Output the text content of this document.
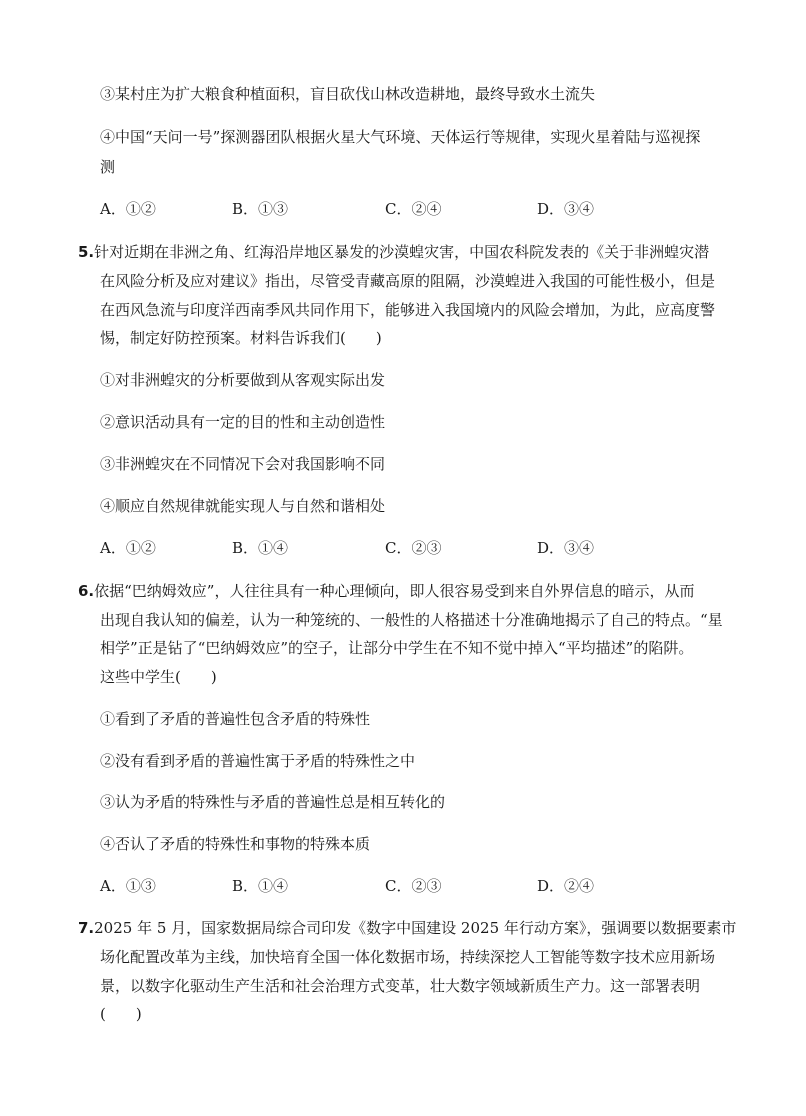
③某村庄为扩大粮食种植面积，盲目砍伐山林改造耕地，最终导致水土流失
④中国“天问一号”探测器团队根据火星大气环境、天体运行等规律，实现火星着陆与巡视探
测
A．①②	B．①③	C．②④	D．③④
5.针对近期在非洲之角、红海沿岸地区暴发的沙漠蝗灾害，中国农科院发表的《关于非洲蝗灾潜
在风险分析及应对建议》指出，尽管受青藏高原的阻隔，沙漠蝗进入我国的可能性极小，但是
在西风急流与印度洋西南季风共同作用下，能够进入我国境内的风险会增加，为此，应高度警
惕，制定好防控预案。材料告诉我们(　　)
①对非洲蝗灾的分析要做到从客观实际出发
②意识活动具有一定的目的性和主动创造性
③非洲蝗灾在不同情况下会对我国影响不同
④顺应自然规律就能实现人与自然和谐相处
A．①②	B．①④	C．②③	D．③④
6.依据“巴纳姆效应”，人往往具有一种心理倾向，即人很容易受到来自外界信息的暗示，从而
出现自我认知的偏差，认为一种笼统的、一般性的人格描述十分准确地揭示了自己的特点。“星
相学”正是钻了“巴纳姆效应”的空子，让部分中学生在不知不觉中掉入“平均描述”的陷阱。
这些中学生(　　)
①看到了矛盾的普遍性包含矛盾的特殊性
②没有看到矛盾的普遍性寓于矛盾的特殊性之中
③认为矛盾的特殊性与矛盾的普遍性总是相互转化的
④否认了矛盾的特殊性和事物的特殊本质
A．①③	B．①④	C．②③	D．②④
7.2025 年 5 月，国家数据局综合司印发《数字中国建设 2025 年行动方案》，强调要以数据要素市
场化配置改革为主线，加快培育全国一体化数据市场，持续深挖人工智能等数字技术应用新场
景，以数字化驱动生产生活和社会治理方式变革，壮大数字领域新质生产力。这一部署表明
(　　)
